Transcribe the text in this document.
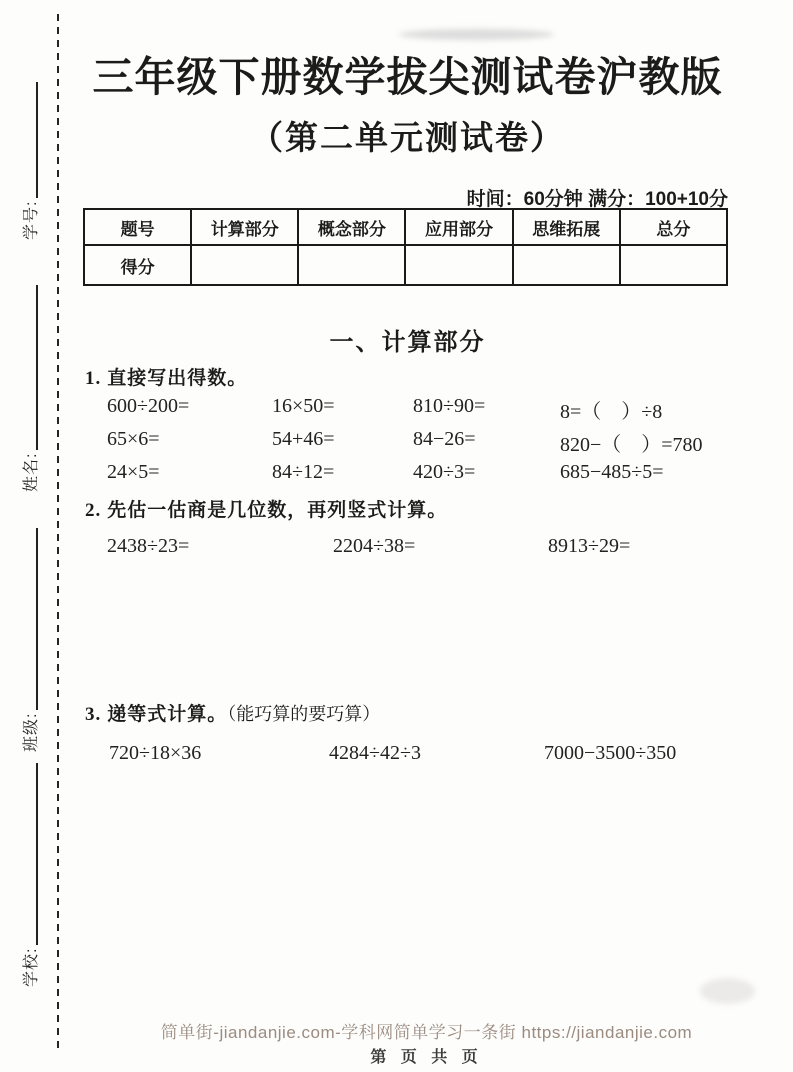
学号:
姓名:
班级:
学校:
三年级下册数学拔尖测试卷沪教版
（第二单元测试卷）
时间：60分钟 满分：100+10分
题号	计算部分	概念部分	应用部分	思维拓展	总分
得分					
一、计算部分
1. 直接写出得数。
600÷200=	16×50=	810÷90=	8=（　）÷8
65×6=	54+46=	84−26=	820−（　）=780
24×5=	84÷12=	420÷3=	685−485÷5=
2. 先估一估商是几位数，再列竖式计算。
2438÷23=	2204÷38=	8913÷29=
3. 递等式计算。（能巧算的要巧算）
720÷18×36	4284÷42÷3	7000−3500÷350
简单街-jiandanjie.com-学科网简单学习一条街 https://jiandanjie.com
第 页 共 页
